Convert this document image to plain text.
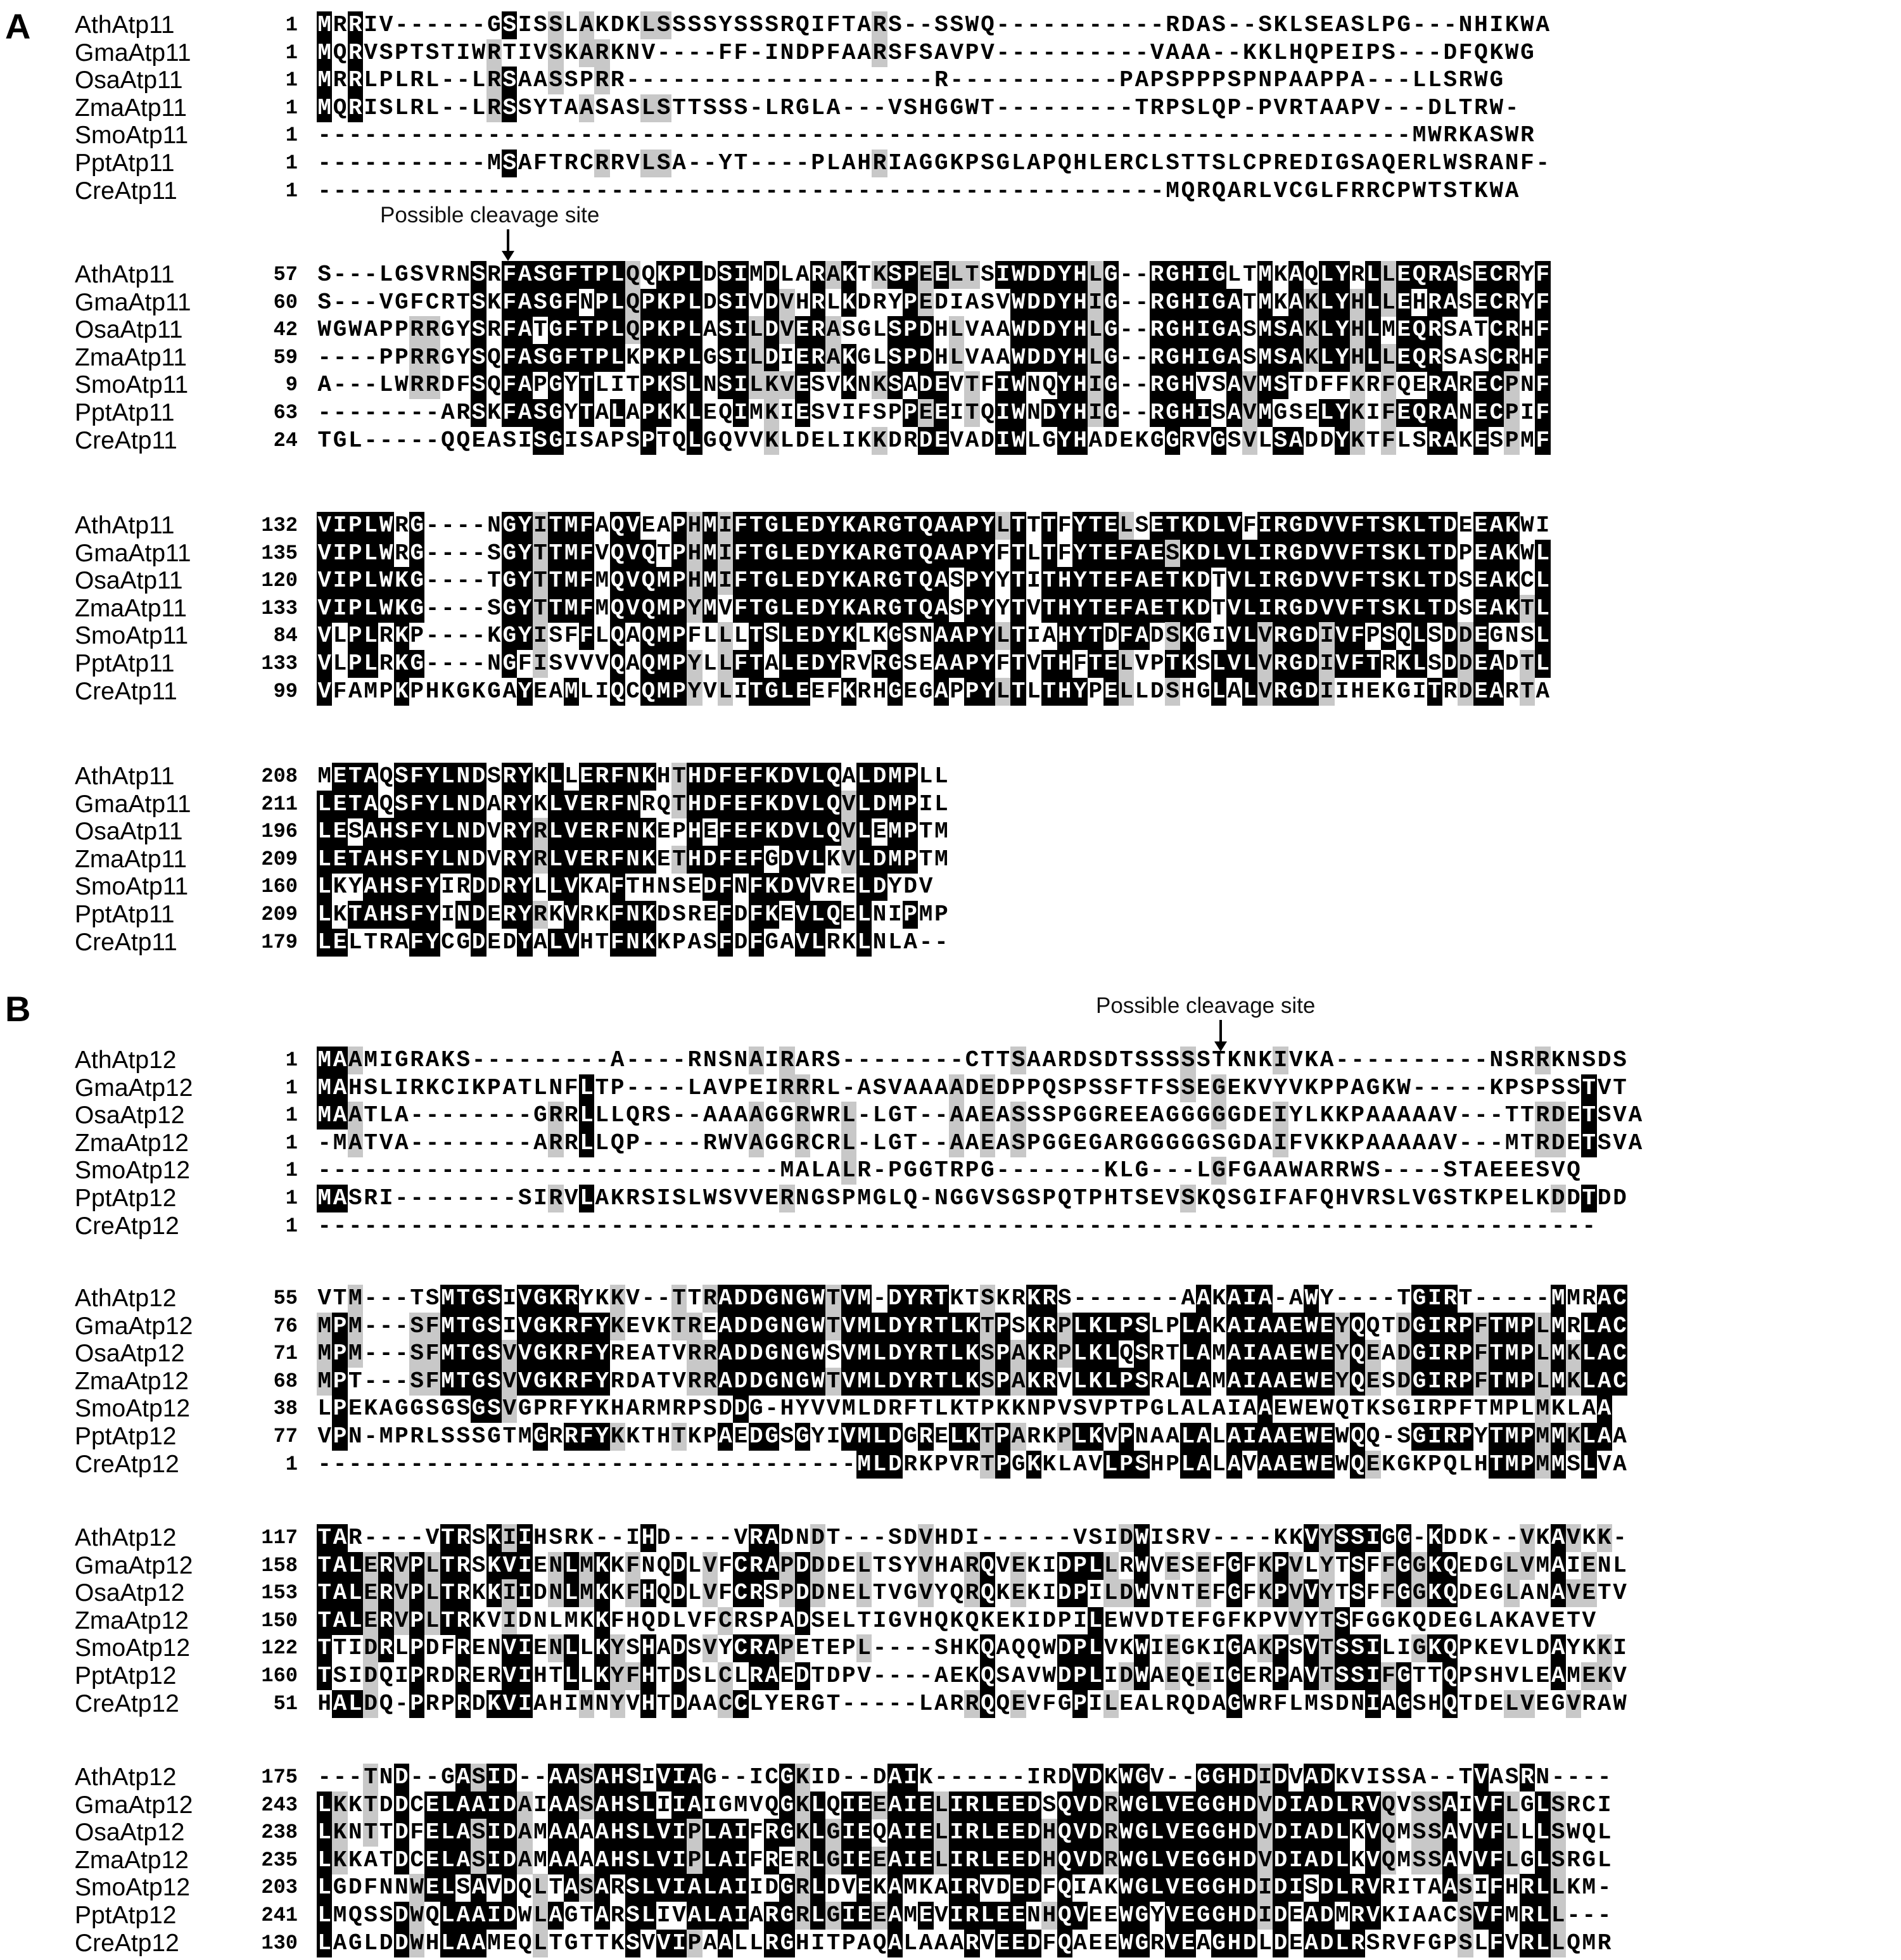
A
B
Possible cleavage site
Possible cleavage site
AthAtp11	1 MRRIV------GSISSLAKDKLSSSSYSSSRQIFTARS--SSWQ-----------RDAS--SKLSEASLPG---NHIKWA
GmaAtp11	1 MQRVSPTSTIWRTIVSKARKNV----FF-INDPFAARSFSAVPV----------VAAA--KKLHQPEIPS---DFQKWG
OsaAtp11	1 MRRLPLRL--LRSAASSPRR--------------------R-----------PAPSPPPSPNPAAPPA---LLSRWG
ZmaAtp11	1 MQRISLRL--LRSSYTAASASLSTTSSS-LRGLA---VSHGGWT---------TRPSLQP-PVRTAAPV---DLTRW-
SmoAtp11	1 -----------------------------------------------------------------------MWRKASWR
PptAtp11	1 -----------MSAFTRCRRVLSA--YT----PLAHRIAGGKPSGLAPQHLERCLSTTSLCPREDIGSAQERLWSRANF-
CreAtp11	1 -------------------------------------------------------MQRQARLVCGLFRRCPWTSTKWA
AthAtp11	57 S---LGSVRNSRFASGFTPLQQKPLDSIMDLARAKTKSPEELTSIWDDYHLG--RGHIGLTMKAQLYRLLEQRASECRYF
GmaAtp11	60 S---VGFCRTSKFASGFNPLQPKPLDSIVDVHRLKDRYPEDIASVWDDYHIG--RGHIGATMKAKLYHLLEHRASECRYF
OsaAtp11	42 WGWAPPRRGYSRFATGFTPLQPKPLASILDVERASGLSPDHLVAAWDDYHLG--RGHIGASMSAKLYHLMEQRSATCRHF
ZmaAtp11	59 ----PPRRGYSQFASGFTPLKPKPLGSILDIERAKGLSPDHLVAAWDDYHLG--RGHIGASMSAKLYHLLEQRSASCRHF
SmoAtp11	9 A---LWRRDFSQFAPGYTLITPKSLNSILKVESVKNKSADEVTFIWNQYHIG--RGHVSAVMSTDFFKRFQERARECPNF
PptAtp11	63 --------ARSKFASGYTALAPKKLEQIMKIESVIFSPPEEITQIWNDYHIG--RGHISAVMGSELYKIFEQRANECPIF
CreAtp11	24 TGL-----QQEASISGISAPSPTQLGQVVKLDELIKKDRDEVADIWLGYHADEKGGRVGSVLSADDYKTFLSRAKESPMF
AthAtp11	132 VIPLWRG----NGYITMFAQVEAPHMIFTGLEDYKARGTQAAPYLTTTFYTELSETKDLVFIRGDVVFTSKLTDEEAKWI
GmaAtp11	135 VIPLWRG----SGYTTMFVQVQTPHMIFTGLEDYKARGTQAAPYFTLTFYTEFAESKDLVLIRGDVVFTSKLTDPEAKWL
OsaAtp11	120 VIPLWKG----TGYTTMFMQVQMPHMIFTGLEDYKARGTQASPYYTITHYTEFAETKDTVLIRGDVVFTSKLTDSEAKCL
ZmaAtp11	133 VIPLWKG----SGYTTMFMQVQMPYMVFTGLEDYKARGTQASPYYTVTHYTEFAETKDTVLIRGDVVFTSKLTDSEAKTL
SmoAtp11	84 VLPLRKP----KGYISFFLQAQMPFLLLTSLEDYKLKGSNAAPYLTIAHYTDFADSKGIVLVRGDIVFPSQLSDDEGNSL
PptAtp11	133 VLPLRKG----NGFISVVVQAQMPYLLFTALEDYRVRGSEAAPYFTVTHFTELVPTKSLVLVRGDIVFTRKLSDDEADTL
CreAtp11	99 VFAMPKPHKGKGAYEAMLIQCQMPYVLITGLEEFKRHGEGAPPYLTLTHYPELLDSHGLALVRGDIIHEKGITRDEARTA
AthAtp11	208 METAQSFYLNDSRYKLLERFNKHTHDFEFKDVLQALDMPLL
GmaAtp11	211 LETAQSFYLNDARYKLVERFNRQTHDFEFKDVLQVLDMPIL
OsaAtp11	196 LESAHSFYLNDVRYRLVERFNKEPHEFEFKDVLQVLEMPTM
ZmaAtp11	209 LETAHSFYLNDVRYRLVERFNKETHDFEFGDVLKVLDMPTM
SmoAtp11	160 LKYAHSFYIRDDRYLLVKAFTHNSEDFNFKDVVRELDYDV
PptAtp11	209 LKTAHSFYINDERYRKVRKFNKDSREFDFKEVLQELNIPMP
CreAtp11	179 LELTRAFYCGDEDYALVHTFNKKPASFDFGAVLRKLNLA--
AthAtp12	1 MAAMIGRAKS---------A----RNSNAIRARS--------CTTSAARDSDTSSSSSTKNKIVKA----------NSRRKNSDS
GmaAtp12	1 MAHSLIRKCIKPATLNFLTP----LAVPEIRRRL-ASVAAAADEDPPQSPSSFTFSSEGEKVYVKPPAGKW-----KPSPSSTVT
OsaAtp12	1 MAATLA--------GRRLLLQRS--AAAAGGRWRL-LGT--AAEASSSPGGREEAGGGGGDEIYLKKPAAAAAV---TTRDETSVA
ZmaAtp12	1 -MATVA--------ARRLLQP----RWVAGGRCRL-LGT--AAEASPGGEGARGGGGGSGDAIFVKKPAAAAAV---MTRDETSVA
SmoAtp12	1 ------------------------------MALALR-PGGTRPG-------KLG---LGFGAAWARRWS----STAEEESVQ
PptAtp12	1 MASRI--------SIRVLAKRSISLWSVVERNGSPMGLQ-NGGVSGSPQTPHTSEVSKQSGIFAFQHVRSLVGSTKPELKDDTDD
CreAtp12	1 -----------------------------------------------------------------------------------
AthAtp12	55 VTM---TSMTGSIVGKRYKKV--TTRADDGNGWTVM-DYRTKTSKRKRS-------AAKAIA-AWY----TGIRT-----MMRAC
GmaAtp12	76 MPM---SFMTGSIVGKRFYKEVKTREADDGNGWTVMLDYRTLKTPSKRPLKLPSLPLAKAIAAEWEYQQTDGIRPFTMPLMRLAC
OsaAtp12	71 MPM---SFMTGSVVGKRFYREATVRRADDGNGWSVMLDYRTLKSPAKRPLKLQSRTLAMAIAAEWEYQEADGIRPFTMPLMKLAC
ZmaAtp12	68 MPT---SFMTGSVVGKRFYRDATVRRADDGNGWTVMLDYRTLKSPAKRVLKLPSRALAMAIAAEWEYQESDGIRPFTMPLMKLAC
SmoAtp12	38 LPEKAGGSGSGSVGPRFYKHARMRPSDDG-HYVVMLDRFTLKTPKKNPVSVPTPGLALAIAAEWEWQTKSGIRPFTMPLMKLAA
PptAtp12	77 VPN-MPRLSSSGTMGRRFYKKTHTKPAEDGSGYIVMLDGRELKTPARKPLKVPNAALALAIAAEWEWQQ-SGIRPYTMPMMKLAA
CreAtp12	1 -----------------------------------MLDRKPVRTPGKKLAVLPSHPLALAVAAEWEWQEKGKPQLHTMPMMSLVA
AthAtp12	117 TAR----VTRSKIIHSRK--IHD----VRADNDT---SDVHDI------VSIDWISRV----KKVYSSIGG-KDDK--VKAVKK-
GmaAtp12	158 TALERVPLTRSKVIENLMKKFNQDLVFCRAPDDDELTSYVHARQVEKIDPLLRWVESEFGFKPVLYTSFFGGKQEDGLVMAIENL
OsaAtp12	153 TALERVPLTRKKIIDNLMKKFHQDLVFCRSPDDNELTVGVYQRQKEKIDPILDWVNTEFGFKPVVYTSFFGGKQDEGLANAVETV
ZmaAtp12	150 TALERVPLTRKVIDNLMKKFHQDLVFCRSPADSELTIGVHQKQKEKIDPILEWVDTEFGFKPVVYTSFGGKQDEGLAKAVETV
SmoAtp12	122 TTIDRLPDFRENVIENLLKYSHADSVYCRAPETEPL----SHKQAQQWDPLVKWIEGKIGAKPSVTSSILIGKQPKEVLDAYKKI
PptAtp12	160 TSIDQIPRDRERVIHTLLKYFHTDSLCLRAEDTDPV----AEKQSAVWDPLIDWAEQEIGERPAVTSSIFGTTQPSHVLEAMEKV
CreAtp12	51 HALDQ-PRPRDKVIAHIMNYVHTDAACCLYERGT-----LARRQQEVFGPILEALRQDAGWRFLMSDNIAGSHQTDELVEGVRAW
AthAtp12	175 ---TND--GASID--AASAHSIVIAG--ICGKID--DAIK------IRDVDKWGV--GGHDIDVADKVISSA--TVASRN----
GmaAtp12	243 LKKTDDCELAAIDAIAASAHSLIIAIGMVQGKLQIEEAIELIRLEEDSQVDRWGLVEGGHDVDIADLRVQVSSAIVFLGLSRCI
OsaAtp12	238 LKNTTDFELASIDAMAAAAHSLVIPLAIFRGKLGIEQAIELIRLEEDHQVDRWGLVEGGHDVDIADLKVQMSSAVVFLLLSWQL
ZmaAtp12	235 LKKATDCELASIDAMAAAAHSLVIPLAIFRERLGIEEAIELIRLEEDHQVDRWGLVEGGHDVDIADLKVQMSSAVVFLGLSRGL
SmoAtp12	203 LGDFNNWELSAVDQLTASARSLVIALAIIDGRLDVEKAMKAIRVDEDFQIAKWGLVEGGHDIDISDLRVRITAASIFHRLLKM-
PptAtp12	241 LMQSSDWQLAAIDWLAGTARSLIVALAIARGRLGIEEAMEVIRLEENHQVEEWGYVEGGHDIDEADMRVKIAACSVFMRLL---
CreAtp12	130 LAGLDDWHLAAMEQLTGTTKSVVIPAALLRGHITPAQALAAARVEEDFQAEEWGRVEAGHDLDEADLRSRVFGPSLFVRLLQMR
